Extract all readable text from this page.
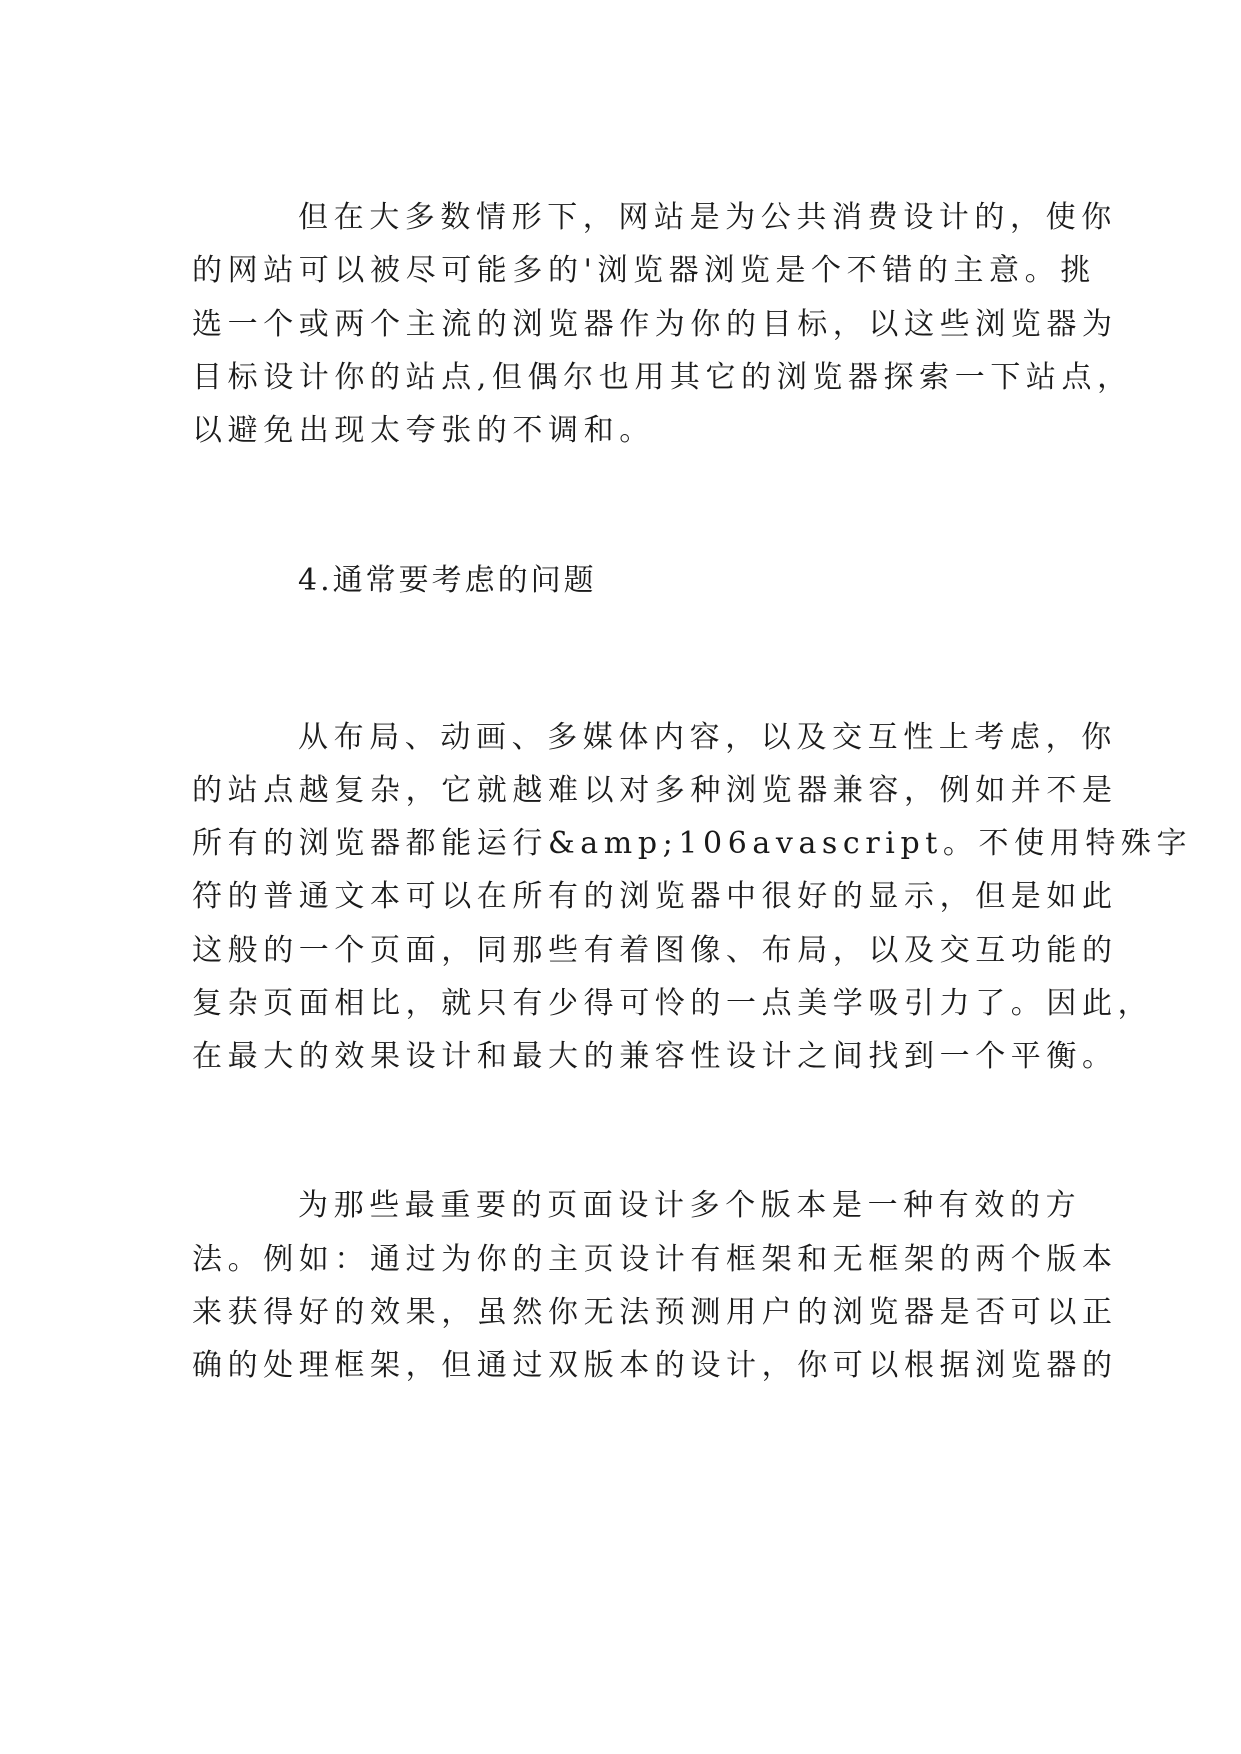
但在大多数情形下，网站是为公共消费设计的，使你
的网站可以被尽可能多的'浏览器浏览是个不错的主意。挑
选一个或两个主流的浏览器作为你的目标，以这些浏览器为
目标设计你的站点,但偶尔也用其它的浏览器探索一下站点，
以避免出现太夸张的不调和。
4.通常要考虑的问题
从布局、动画、多媒体内容，以及交互性上考虑，你
的站点越复杂，它就越难以对多种浏览器兼容，例如并不是
所有的浏览器都能运行&amp;106avascript。不使用特殊字
符的普通文本可以在所有的浏览器中很好的显示，但是如此
这般的一个页面，同那些有着图像、布局，以及交互功能的
复杂页面相比，就只有少得可怜的一点美学吸引力了。因此，
在最大的效果设计和最大的兼容性设计之间找到一个平衡。
为那些最重要的页面设计多个版本是一种有效的方
法。例如：通过为你的主页设计有框架和无框架的两个版本
来获得好的效果，虽然你无法预测用户的浏览器是否可以正
确的处理框架，但通过双版本的设计，你可以根据浏览器的
